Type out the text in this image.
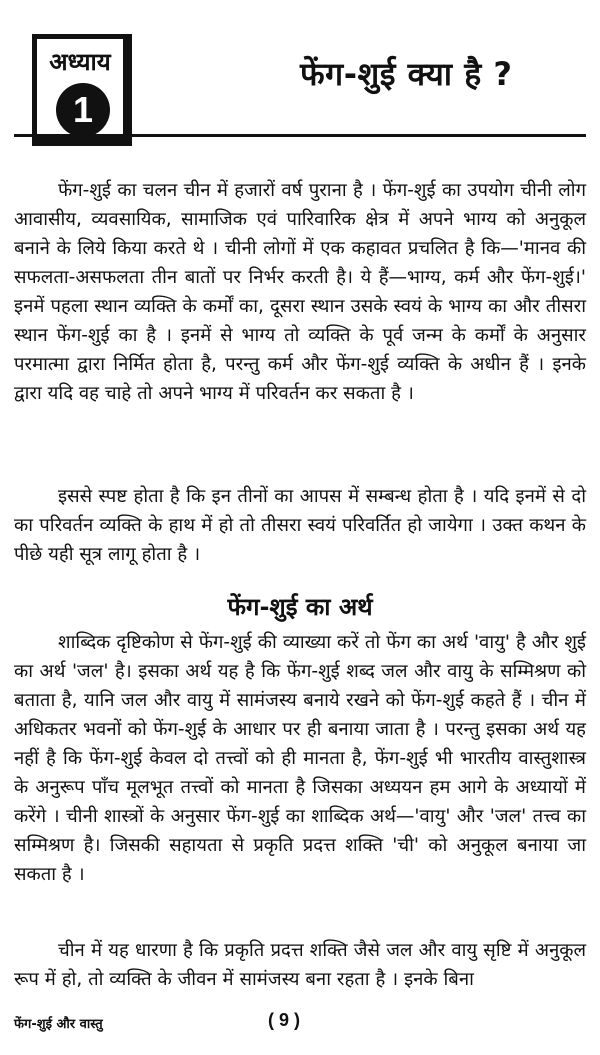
अध्याय
1
फेंग-शुई क्या है ?

फेंग-शुई का चलन चीन में हजारों वर्ष पुराना है । फेंग-शुई का उपयोग चीनी लोग आवासीय, व्यवसायिक, सामाजिक एवं पारिवारिक क्षेत्र में अपने भाग्य को अनुकूल बनाने के लिये किया करते थे । चीनी लोगों में एक कहावत प्रचलित है कि—'मानव की सफलता-असफलता तीन बातों पर निर्भर करती है। ये हैं—भाग्य, कर्म और फेंग-शुई।' इनमें पहला स्थान व्यक्ति के कर्मों का, दूसरा स्थान उसके स्वयं के भाग्य का और तीसरा स्थान फेंग-शुई का है । इनमें से भाग्य तो व्यक्ति के पूर्व जन्म के कर्मों के अनुसार परमात्मा द्वारा निर्मित होता है, परन्तु कर्म और फेंग-शुई व्यक्ति के अधीन हैं । इनके द्वारा यदि वह चाहे तो अपने भाग्य में परिवर्तन कर सकता है ।

इससे स्पष्ट होता है कि इन तीनों का आपस में सम्बन्ध होता है । यदि इनमें से दो का परिवर्तन व्यक्ति के हाथ में हो तो तीसरा स्वयं परिवर्तित हो जायेगा । उक्त कथन के पीछे यही सूत्र लागू होता है ।

फेंग-शुई का अर्थ

शाब्दिक दृष्टिकोण से फेंग-शुई की व्याख्या करें तो फेंग का अर्थ 'वायु' है और शुई का अर्थ 'जल' है। इसका अर्थ यह है कि फेंग-शुई शब्द जल और वायु के सम्मिश्रण को बताता है, यानि जल और वायु में सामंजस्य बनाये रखने को फेंग-शुई कहते हैं । चीन में अधिकतर भवनों को फेंग-शुई के आधार पर ही बनाया जाता है । परन्तु इसका अर्थ यह नहीं है कि फेंग-शुई केवल दो तत्त्वों को ही मानता है, फेंग-शुई भी भारतीय वास्तुशास्त्र के अनुरूप पाँच मूलभूत तत्त्वों को मानता है जिसका अध्ययन हम आगे के अध्यायों में करेंगे । चीनी शास्त्रों के अनुसार फेंग-शुई का शाब्दिक अर्थ—'वायु' और 'जल' तत्त्व का सम्मिश्रण है। जिसकी सहायता से प्रकृति प्रदत्त शक्ति 'ची' को अनुकूल बनाया जा सकता है ।

चीन में यह धारणा है कि प्रकृति प्रदत्त शक्ति जैसे जल और वायु सृष्टि में अनुकूल रूप में हो, तो व्यक्ति के जीवन में सामंजस्य बना रहता है । इनके बिना

फेंग-शुई और वास्तु	( 9 )
